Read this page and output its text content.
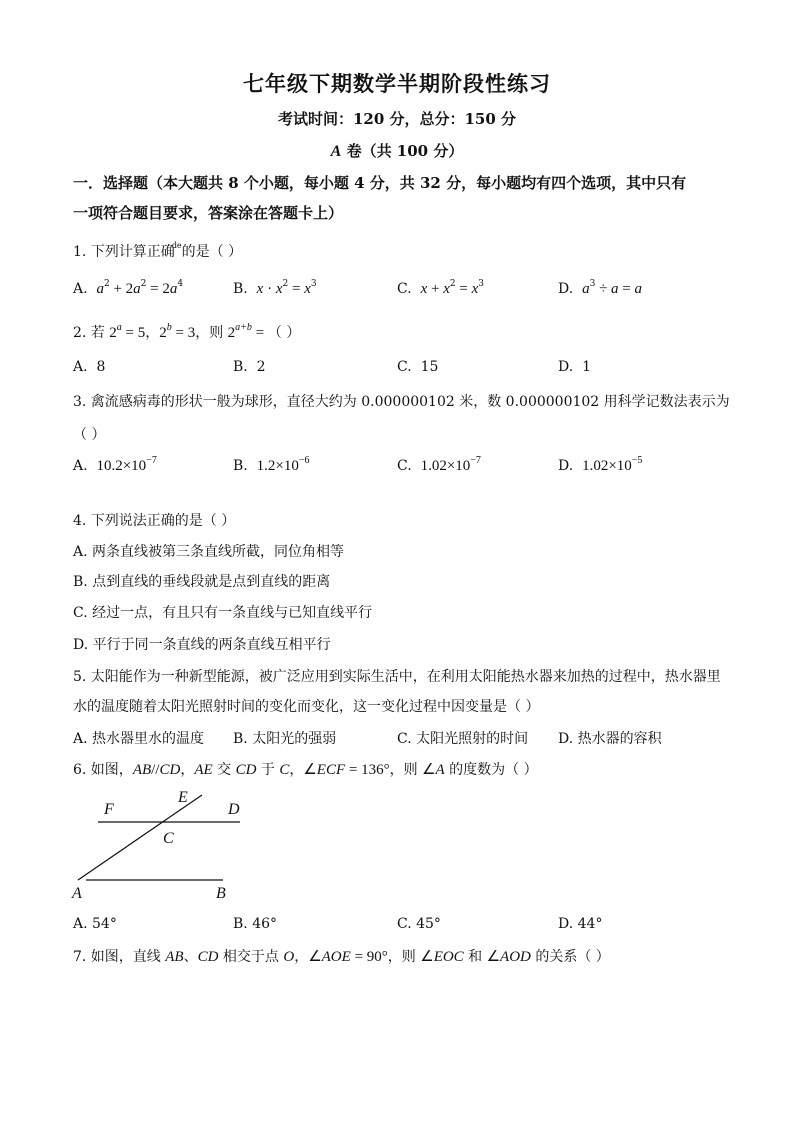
七年级下期数学半期阶段性练习
考试时间：120 分，总分：150 分
A 卷（共 100 分）
一．选择题（本大题共 8 个小题，每小题 4 分，共 32 分，每小题均有四个选项，其中只有
一项符合题目要求，答案涂在答题卡上）
1. 下列计算正确$^{de}$的是（ ）
A.  $a^2 + 2a^2 = 2a^4$	B.  $x \cdot x^2 = x^3$	C.  $x + x^2 = x^3$	D.  $a^3 \div a = a$
2. 若 $2^a = 5$，$2^b = 3$，则 $2^{a+b}$ = （ ）
A. 8	B. 2	C. 15	D. 1
3. 禽流感病毒的形状一般为球形，直径大约为 0.000000102 米，数 0.000000102 用科学记数法表示为
（ ）
A.  $10.2\times 10^{-7}$	B.  $1.2\times 10^{-6}$	C.  $1.02\times 10^{-7}$	D.  $1.02\times 10^{-5}$
4. 下列说法正确的是（ ）
A. 两条直线被第三条直线所截，同位角相等
B. 点到直线的垂线段就是点到直线的距离
C. 经过一点，有且只有一条直线与已知直线平行
D. 平行于同一条直线的两条直线互相平行
5. 太阳能作为一种新型能源，被广泛应用到实际生活中，在利用太阳能热水器来加热的过程中，热水器里
水的温度随着太阳光照射时间的变化而变化，这一变化过程中因变量是（ ）
A. 热水器里水的温度 B. 太阳光的强弱	C. 太阳光照射的时间 D. 热水器的容积
6. 如图，AB//CD，AE 交 CD 于 C，∠ECF = 136°，则 ∠A 的度数为（ ）
E
F	D
C
A	B
A. 54°	B. 46°	C. 45°	D. 44°
7. 如图，直线 AB、CD 相交于点 O，∠AOE = 90°，则 ∠EOC 和 ∠AOD 的关系（ ）
